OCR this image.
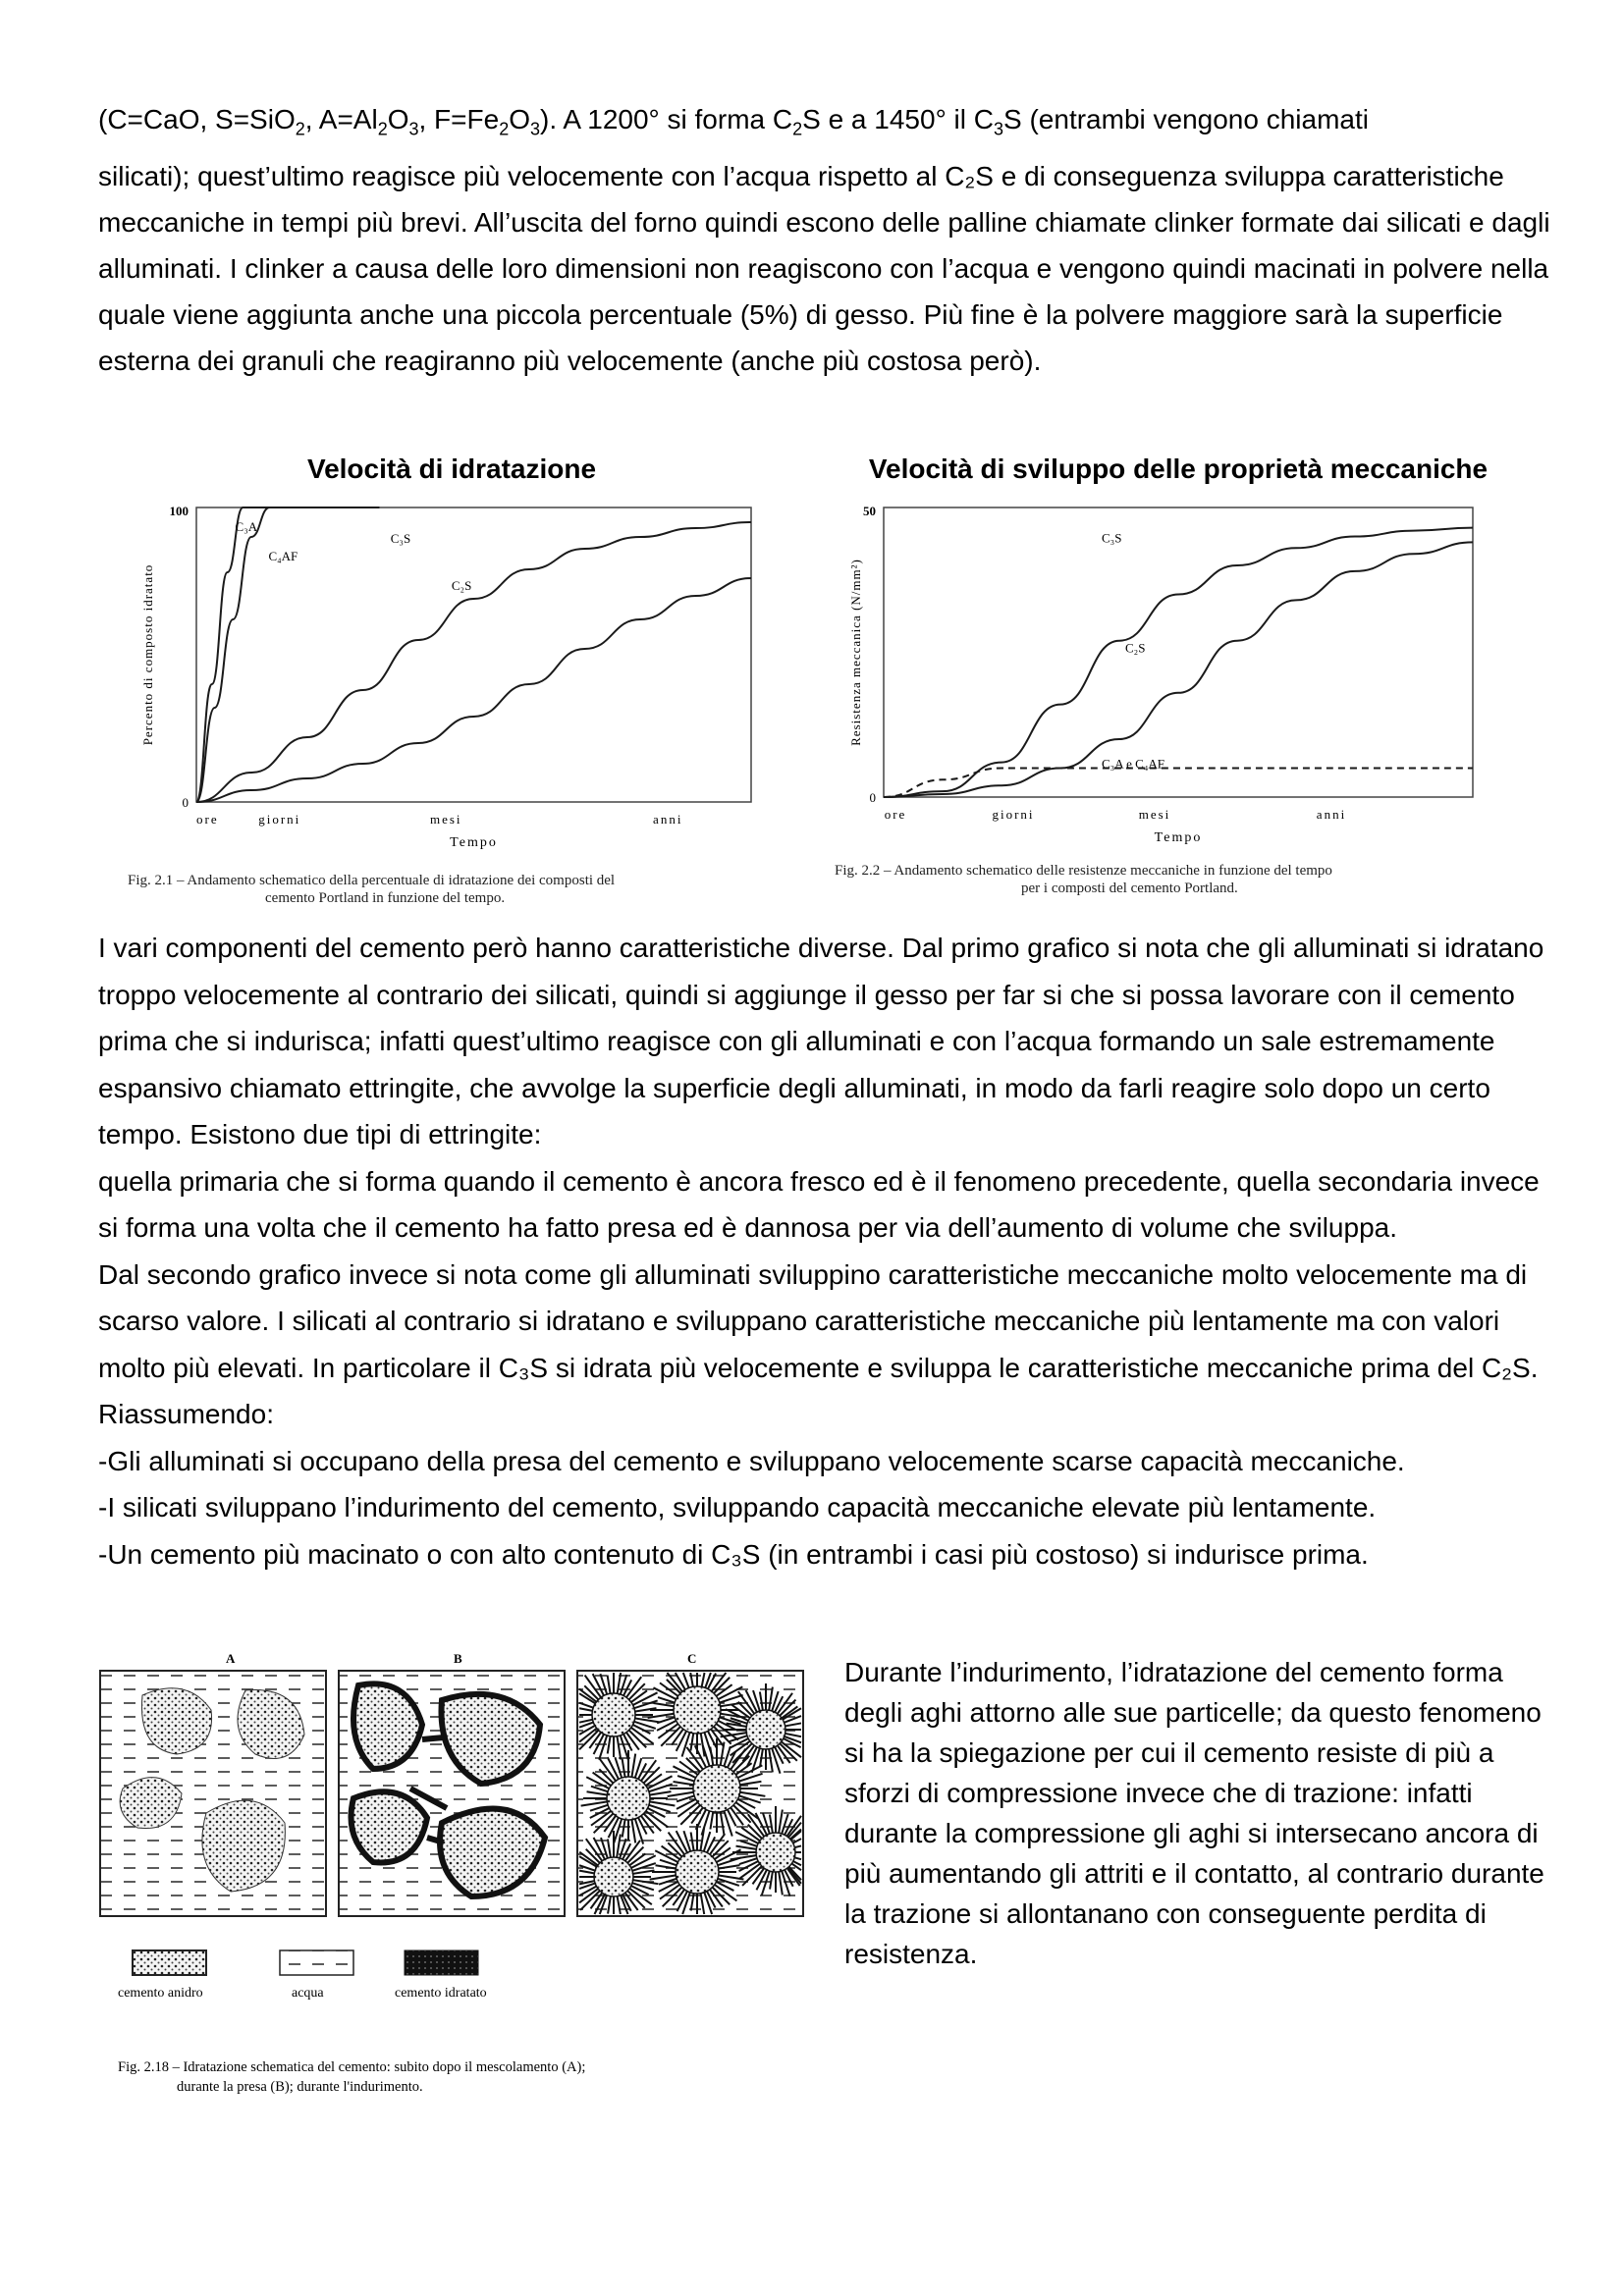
(C=CaO, S=SiO$_2$, $A=Al_2O_3$, $F=Fe_2O_3$). A 1200° si forma $C_2S$ e a 1450° il $C_3S$ (entrambi vengono chiamati

silicati); quest’ultimo reagisce più velocemente con l’acqua rispetto al C₂S e di conseguenza sviluppa caratteristiche meccaniche in tempi più brevi. All’uscita del forno quindi escono delle palline chiamate clinker formate dai silicati e dagli alluminati. I clinker a causa delle loro dimensioni non reagiscono con l’acqua e vengono quindi macinati in polvere nella quale viene aggiunta anche una piccola percentuale (5%) di gesso. Più fine è la polvere maggiore sarà la superficie esterna dei granuli che reagiranno più velocemente (anche più costosa però).

Velocità di idratazione
0
100
Percento di composto idratato
ore	giorni	mesi	anni
Tempo
C₃A
C₄AF
C₃S
C₂S
Fig. 2.1 – Andamento schematico della percentuale di idratazione dei composti del
cemento Portland in funzione del tempo.
Velocità di sviluppo delle proprietà meccaniche
0
50
Resistenza meccanica (N/mm²)
ore	giorni	mesi	anni
Tempo
C₃S
C₂S
C₃A e C₄AF
Fig. 2.2 – Andamento schematico delle resistenze meccaniche in funzione del tempo
per i composti del cemento Portland.

I vari componenti del cemento però hanno caratteristiche diverse. Dal primo grafico si nota che gli alluminati si idratano troppo velocemente al contrario dei silicati, quindi si aggiunge il gesso per far si che si possa lavorare con il cemento prima che si indurisca; infatti quest’ultimo reagisce con gli alluminati e con l’acqua formando un sale estremamente espansivo chiamato ettringite, che avvolge la superficie degli alluminati, in modo da farli reagire solo dopo un certo tempo. Esistono due tipi di ettringite:

quella primaria che si forma quando il cemento è ancora fresco ed è il fenomeno precedente, quella secondaria invece si forma una volta che il cemento ha fatto presa ed è dannosa per via dell’aumento di volume che sviluppa.

Dal secondo grafico invece si nota come gli alluminati sviluppino caratteristiche meccaniche molto velocemente ma di scarso valore. I silicati al contrario si idratano e sviluppano caratteristiche meccaniche più lentamente ma con valori molto più elevati. In particolare il C₃S si idrata più velocemente e sviluppa le caratteristiche meccaniche prima del C₂S. Riassumendo:

-Gli alluminati si occupano della presa del cemento e sviluppano velocemente scarse capacità meccaniche.

-I silicati sviluppano l’indurimento del cemento, sviluppando capacità meccaniche elevate più lentamente.

-Un cemento più macinato o con alto contenuto di C₃S (in entrambi i casi più costoso) si indurisce prima.

A	B	C
cemento anidro	acqua	cemento idratato
Fig. 2.18 – Idratazione schematica del cemento: subito dopo il mescolamento (A);
durante la presa (B); durante l'indurimento.
Durante l’indurimento, l’idratazione del cemento forma degli aghi attorno alle sue particelle; da questo fenomeno si ha la spiegazione per cui il cemento resiste di più a sforzi di compressione invece che di trazione: infatti durante la compressione gli aghi si intersecano ancora di più aumentando gli attriti e il contatto, al contrario durante la trazione si allontanano con conseguente perdita di resistenza.
